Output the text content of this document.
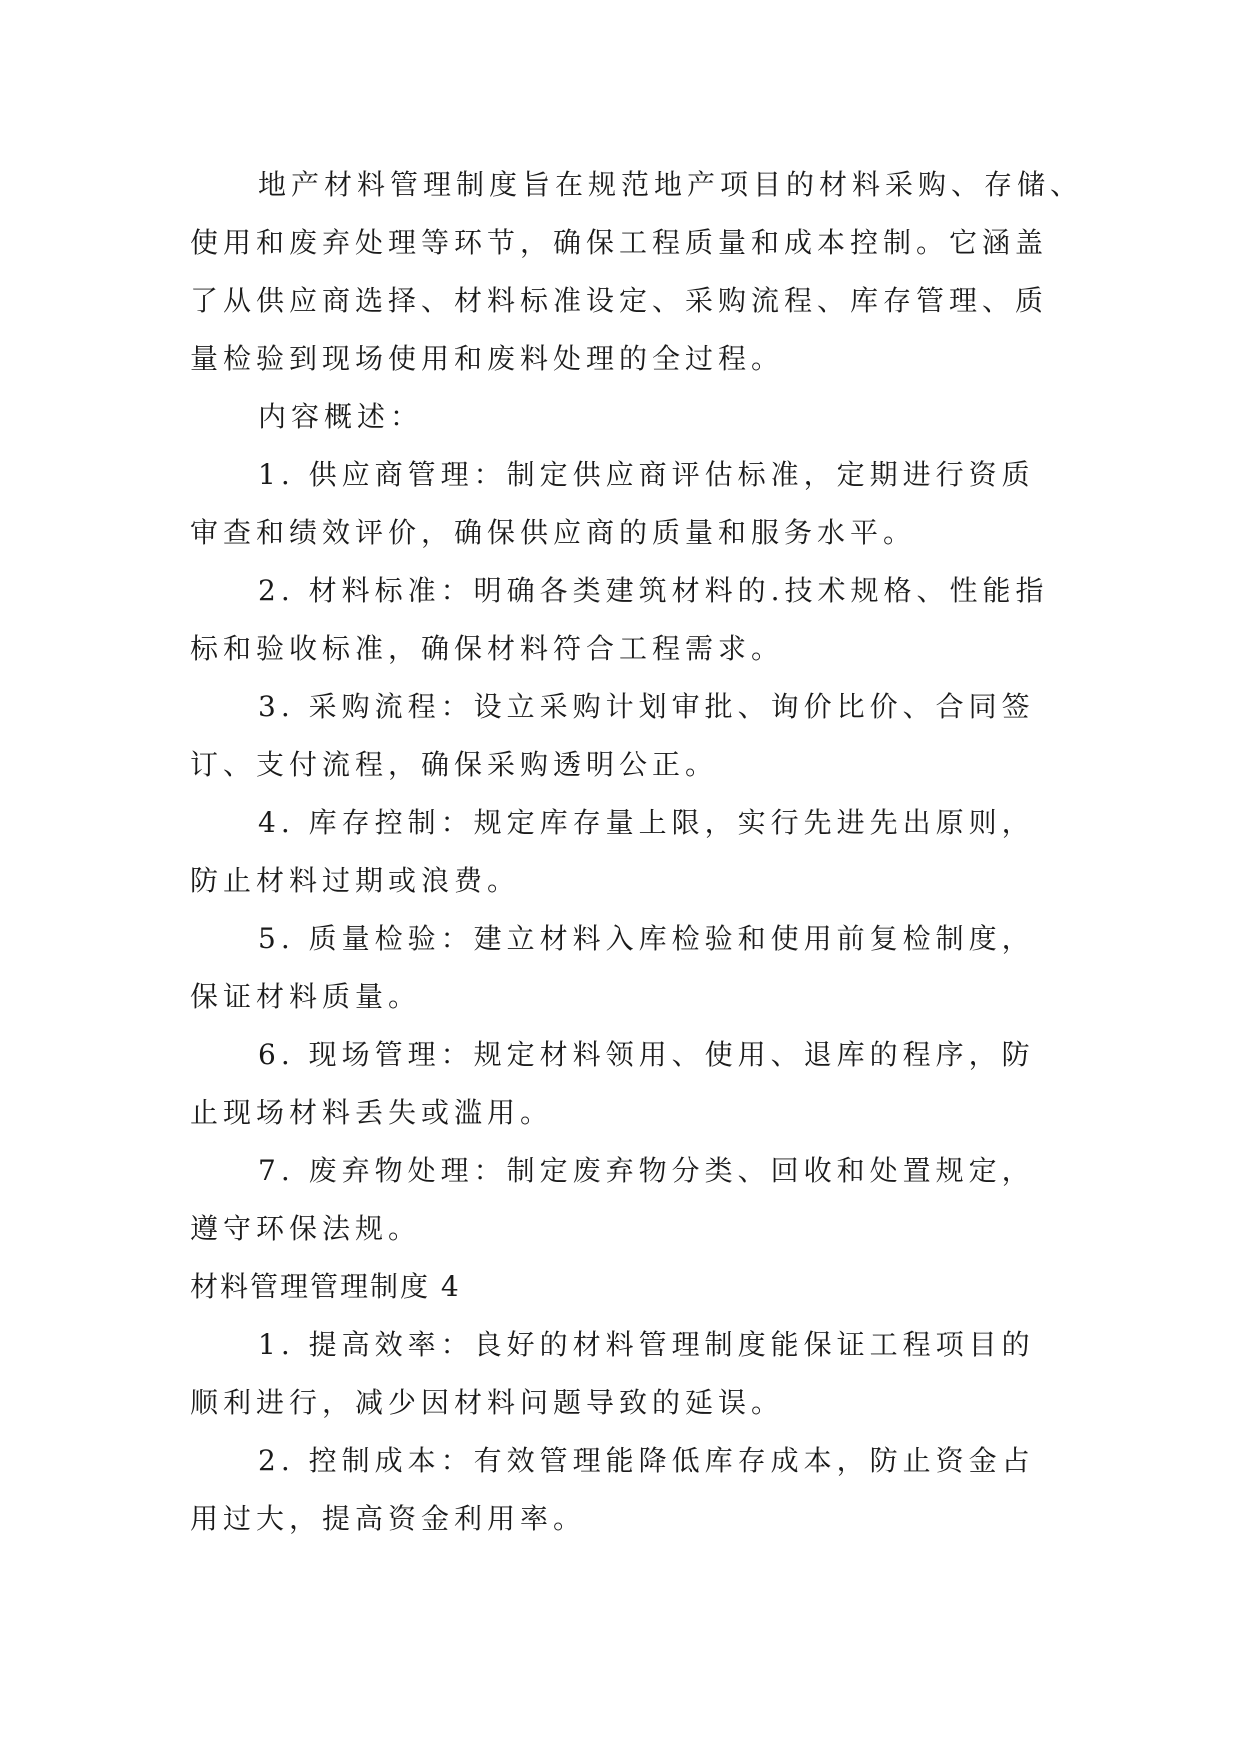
地产材料管理制度旨在规范地产项目的材料采购、存储、
使用和废弃处理等环节，确保工程质量和成本控制。它涵盖
了从供应商选择、材料标准设定、采购流程、库存管理、质
量检验到现场使用和废料处理的全过程。
内容概述：
1. 供应商管理：制定供应商评估标准，定期进行资质
审查和绩效评价，确保供应商的质量和服务水平。
2. 材料标准：明确各类建筑材料的.技术规格、性能指
标和验收标准，确保材料符合工程需求。
3. 采购流程：设立采购计划审批、询价比价、合同签
订、支付流程，确保采购透明公正。
4. 库存控制：规定库存量上限，实行先进先出原则，
防止材料过期或浪费。
5. 质量检验：建立材料入库检验和使用前复检制度，
保证材料质量。
6. 现场管理：规定材料领用、使用、退库的程序，防
止现场材料丢失或滥用。
7. 废弃物处理：制定废弃物分类、回收和处置规定，
遵守环保法规。
材料管理管理制度 4
1. 提高效率：良好的材料管理制度能保证工程项目的
顺利进行，减少因材料问题导致的延误。
2. 控制成本：有效管理能降低库存成本，防止资金占
用过大，提高资金利用率。
